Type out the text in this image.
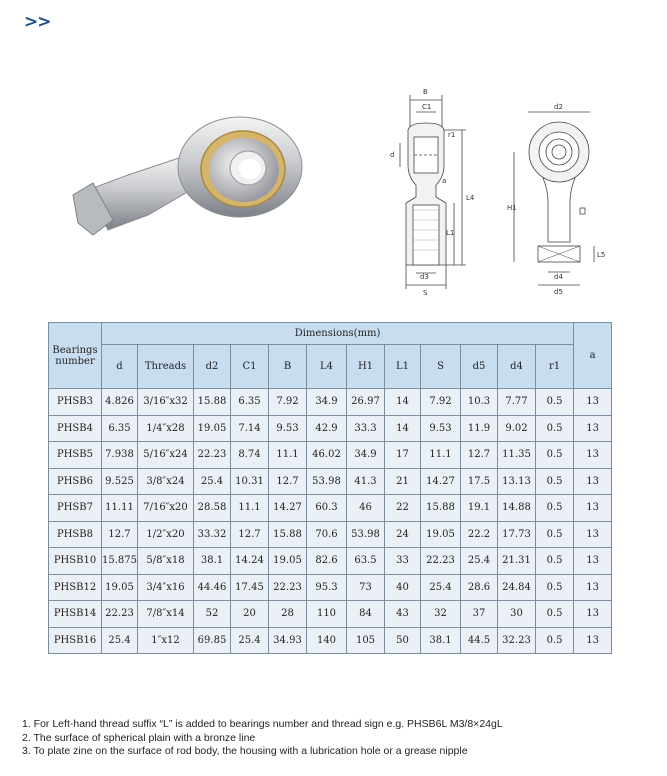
>>
B
C1
r1
d
a
L4
L1
d3
S
d2
H1
L5
d4
d5
Bearings number	Dimensions(mm)												a
	d	Threads	d2	C1	B	L4	H1	L1	S	d5	d4	r1	
PHSB3	4.826	3/16″x32	15.88	6.35	7.92	34.9	26.97	14	7.92	10.3	7.77	0.5	13
PHSB4	6.35	1/4″x28	19.05	7.14	9.53	42.9	33.3	14	9.53	11.9	9.02	0.5	13
PHSB5	7.938	5/16″x24	22.23	8.74	11.1	46.02	34.9	17	11.1	12.7	11.35	0.5	13
PHSB6	9.525	3/8″x24	25.4	10.31	12.7	53.98	41.3	21	14.27	17.5	13.13	0.5	13
PHSB7	11.11	7/16″x20	28.58	11.1	14.27	60.3	46	22	15.88	19.1	14.88	0.5	13
PHSB8	12.7	1/2″x20	33.32	12.7	15.88	70.6	53.98	24	19.05	22.2	17.73	0.5	13
PHSB10	15.875	5/8″x18	38.1	14.24	19.05	82.6	63.5	33	22.23	25.4	21.31	0.5	13
PHSB12	19.05	3/4″x16	44.46	17.45	22.23	95.3	73	40	25.4	28.6	24.84	0.5	13
PHSB14	22.23	7/8″x14	52	20	28	110	84	43	32	37	30	0.5	13
PHSB16	25.4	1″x12	69.85	25.4	34.93	140	105	50	38.1	44.5	32.23	0.5	13
1. For Left-hand thread suffix “L” is added to bearings number and thread sign e.g. PHSB6L M3/8×24gL
2. The surface of spherical plain with a bronze line
3. To plate zine on the surface of rod body, the housing with a lubrication hole or a grease nipple
